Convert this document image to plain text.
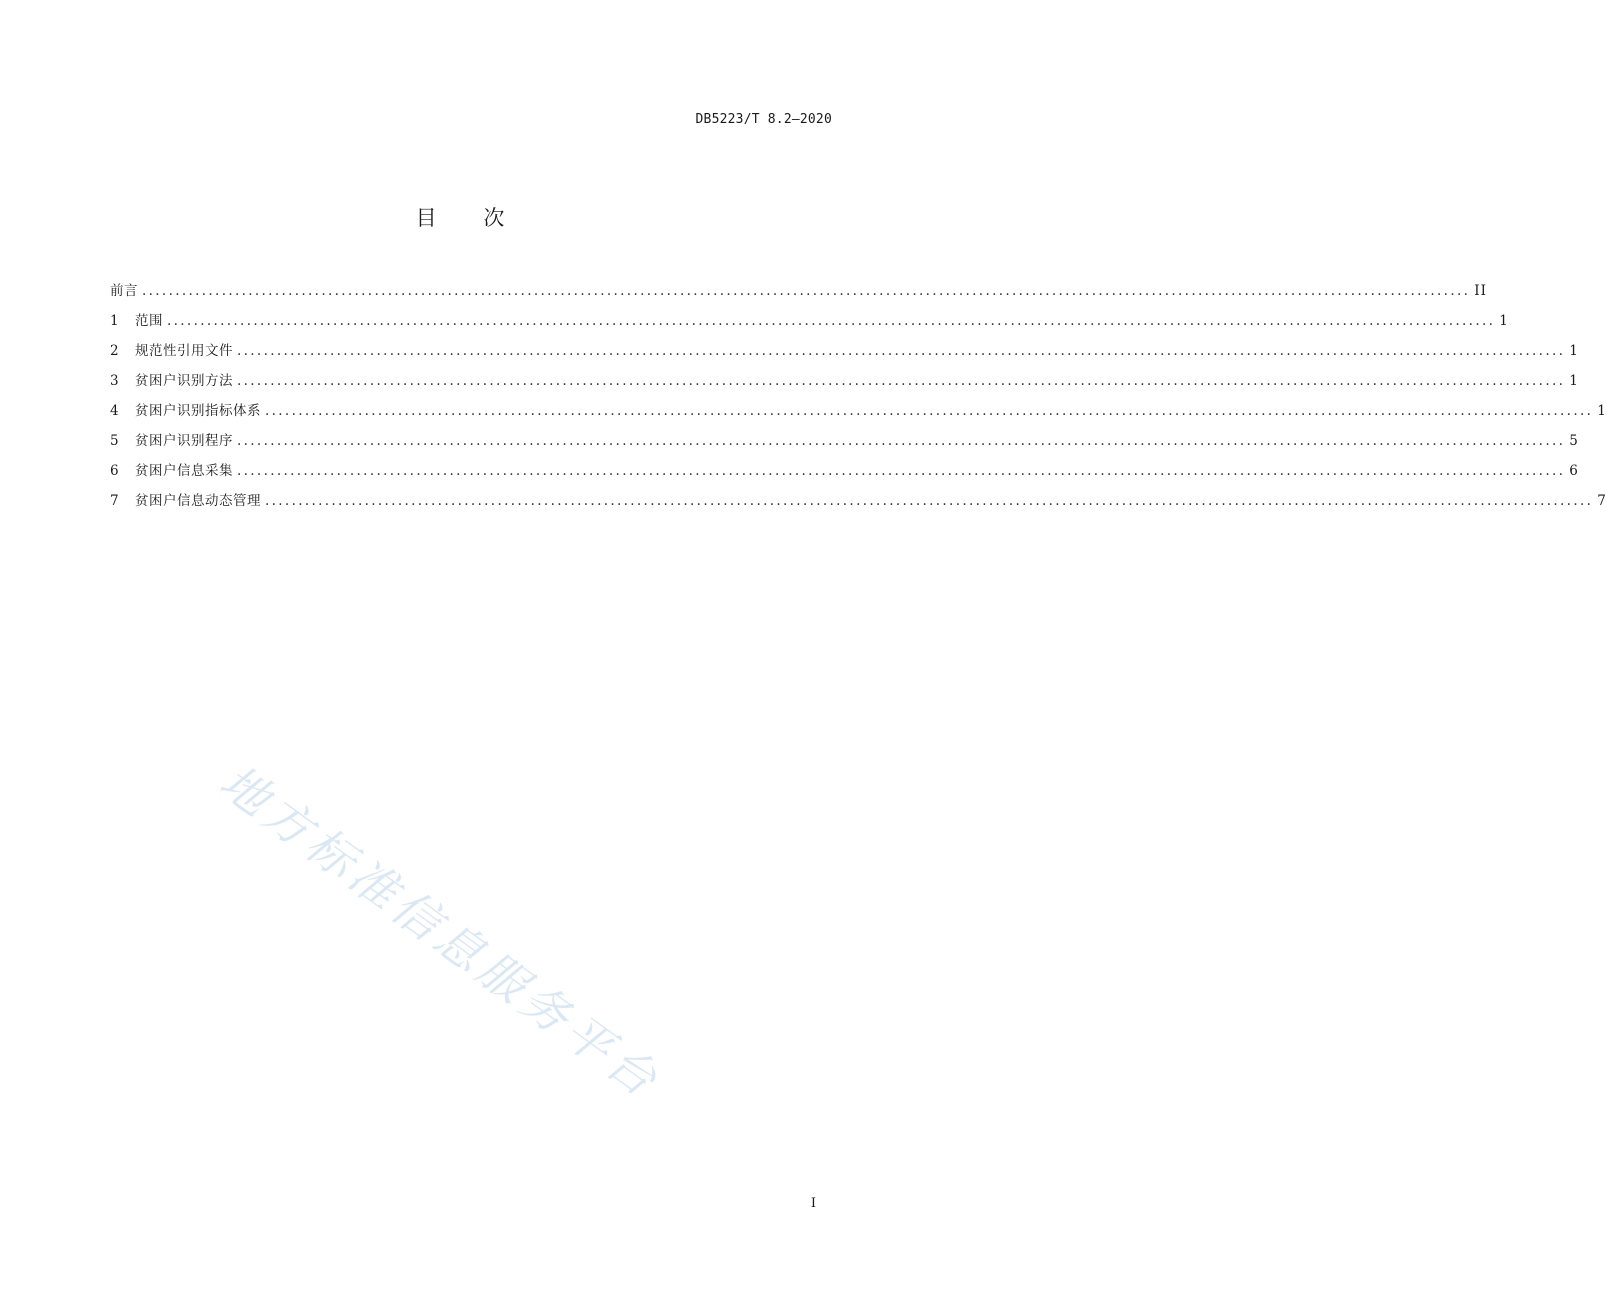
DB5223/T 8.2—2020
目 次
前言 ........................................................................................................................................................................................................ II
1	范围 ........................................................................................................................................................................................................ 1
2	规范性引用文件 ........................................................................................................................................................................................................ 1
3	贫困户识别方法 ........................................................................................................................................................................................................ 1
4	贫困户识别指标体系 ........................................................................................................................................................................................................ 1
5	贫困户识别程序 ........................................................................................................................................................................................................ 5
6	贫困户信息采集 ........................................................................................................................................................................................................ 6
7	贫困户信息动态管理 ........................................................................................................................................................................................................ 7
地方标准信息服务平台
I
